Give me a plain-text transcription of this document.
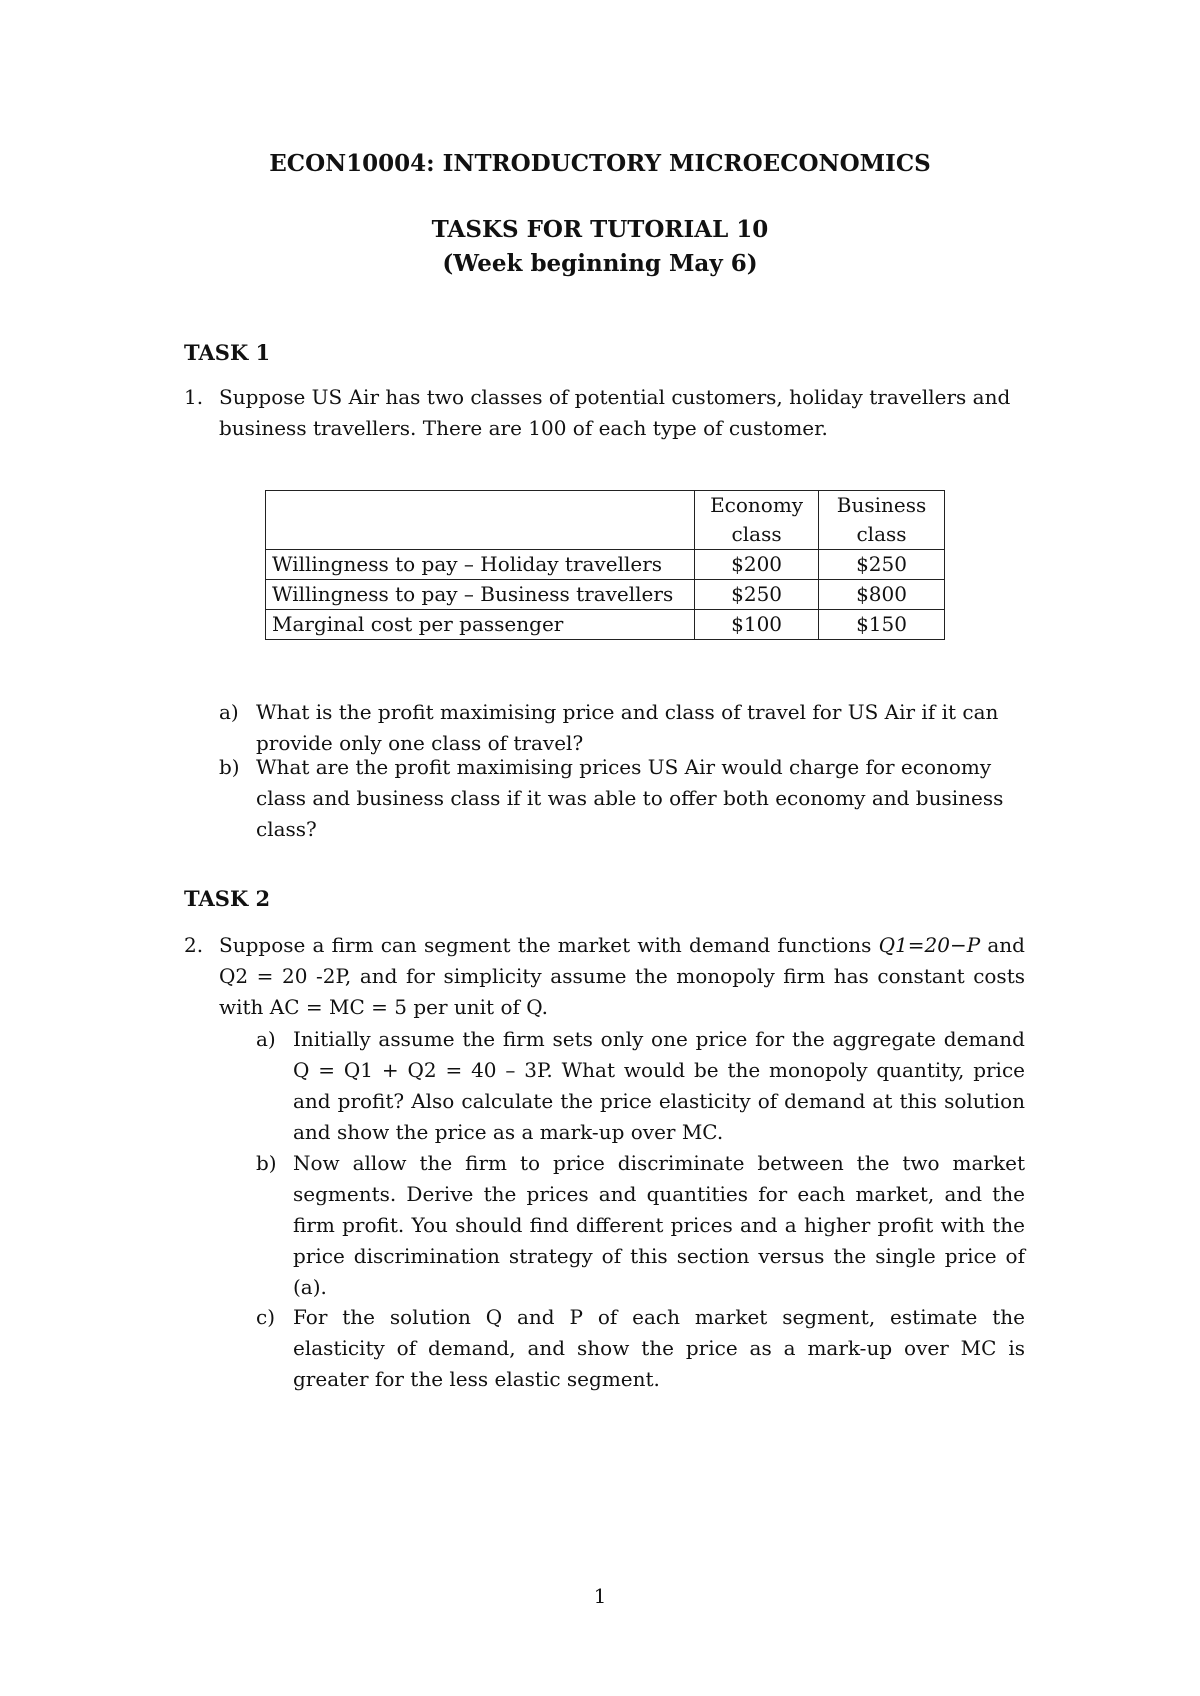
ECON10004: INTRODUCTORY MICROECONOMICS
TASKS FOR TUTORIAL 10
(Week beginning May 6)
TASK 1
1. Suppose US Air has two classes of potential customers, holiday travellers and business travellers. There are 100 of each type of customer.
	Economy class	Business class
Willingness to pay – Holiday travellers	$200	$250
Willingness to pay – Business travellers	$250	$800
Marginal cost per passenger	$100	$150
a) What is the profit maximising price and class of travel for US Air if it can provide only one class of travel?
b) What are the profit maximising prices US Air would charge for economy class and business class if it was able to offer both economy and business class?
TASK 2
2. Suppose a firm can segment the market with demand functions Q1=20−P and Q2 = 20 -2P, and for simplicity assume the monopoly firm has constant costs with AC = MC = 5 per unit of Q.
a) Initially assume the firm sets only one price for the aggregate demand Q = Q1 + Q2 = 40 – 3P. What would be the monopoly quantity, price and profit? Also calculate the price elasticity of demand at this solution and show the price as a mark-up over MC.
b) Now allow the firm to price discriminate between the two market segments. Derive the prices and quantities for each market, and the firm profit. You should find different prices and a higher profit with the price discrimination strategy of this section versus the single price of (a).
c) For the solution Q and P of each market segment, estimate the elasticity of demand, and show the price as a mark-up over MC is greater for the less elastic segment.
1
